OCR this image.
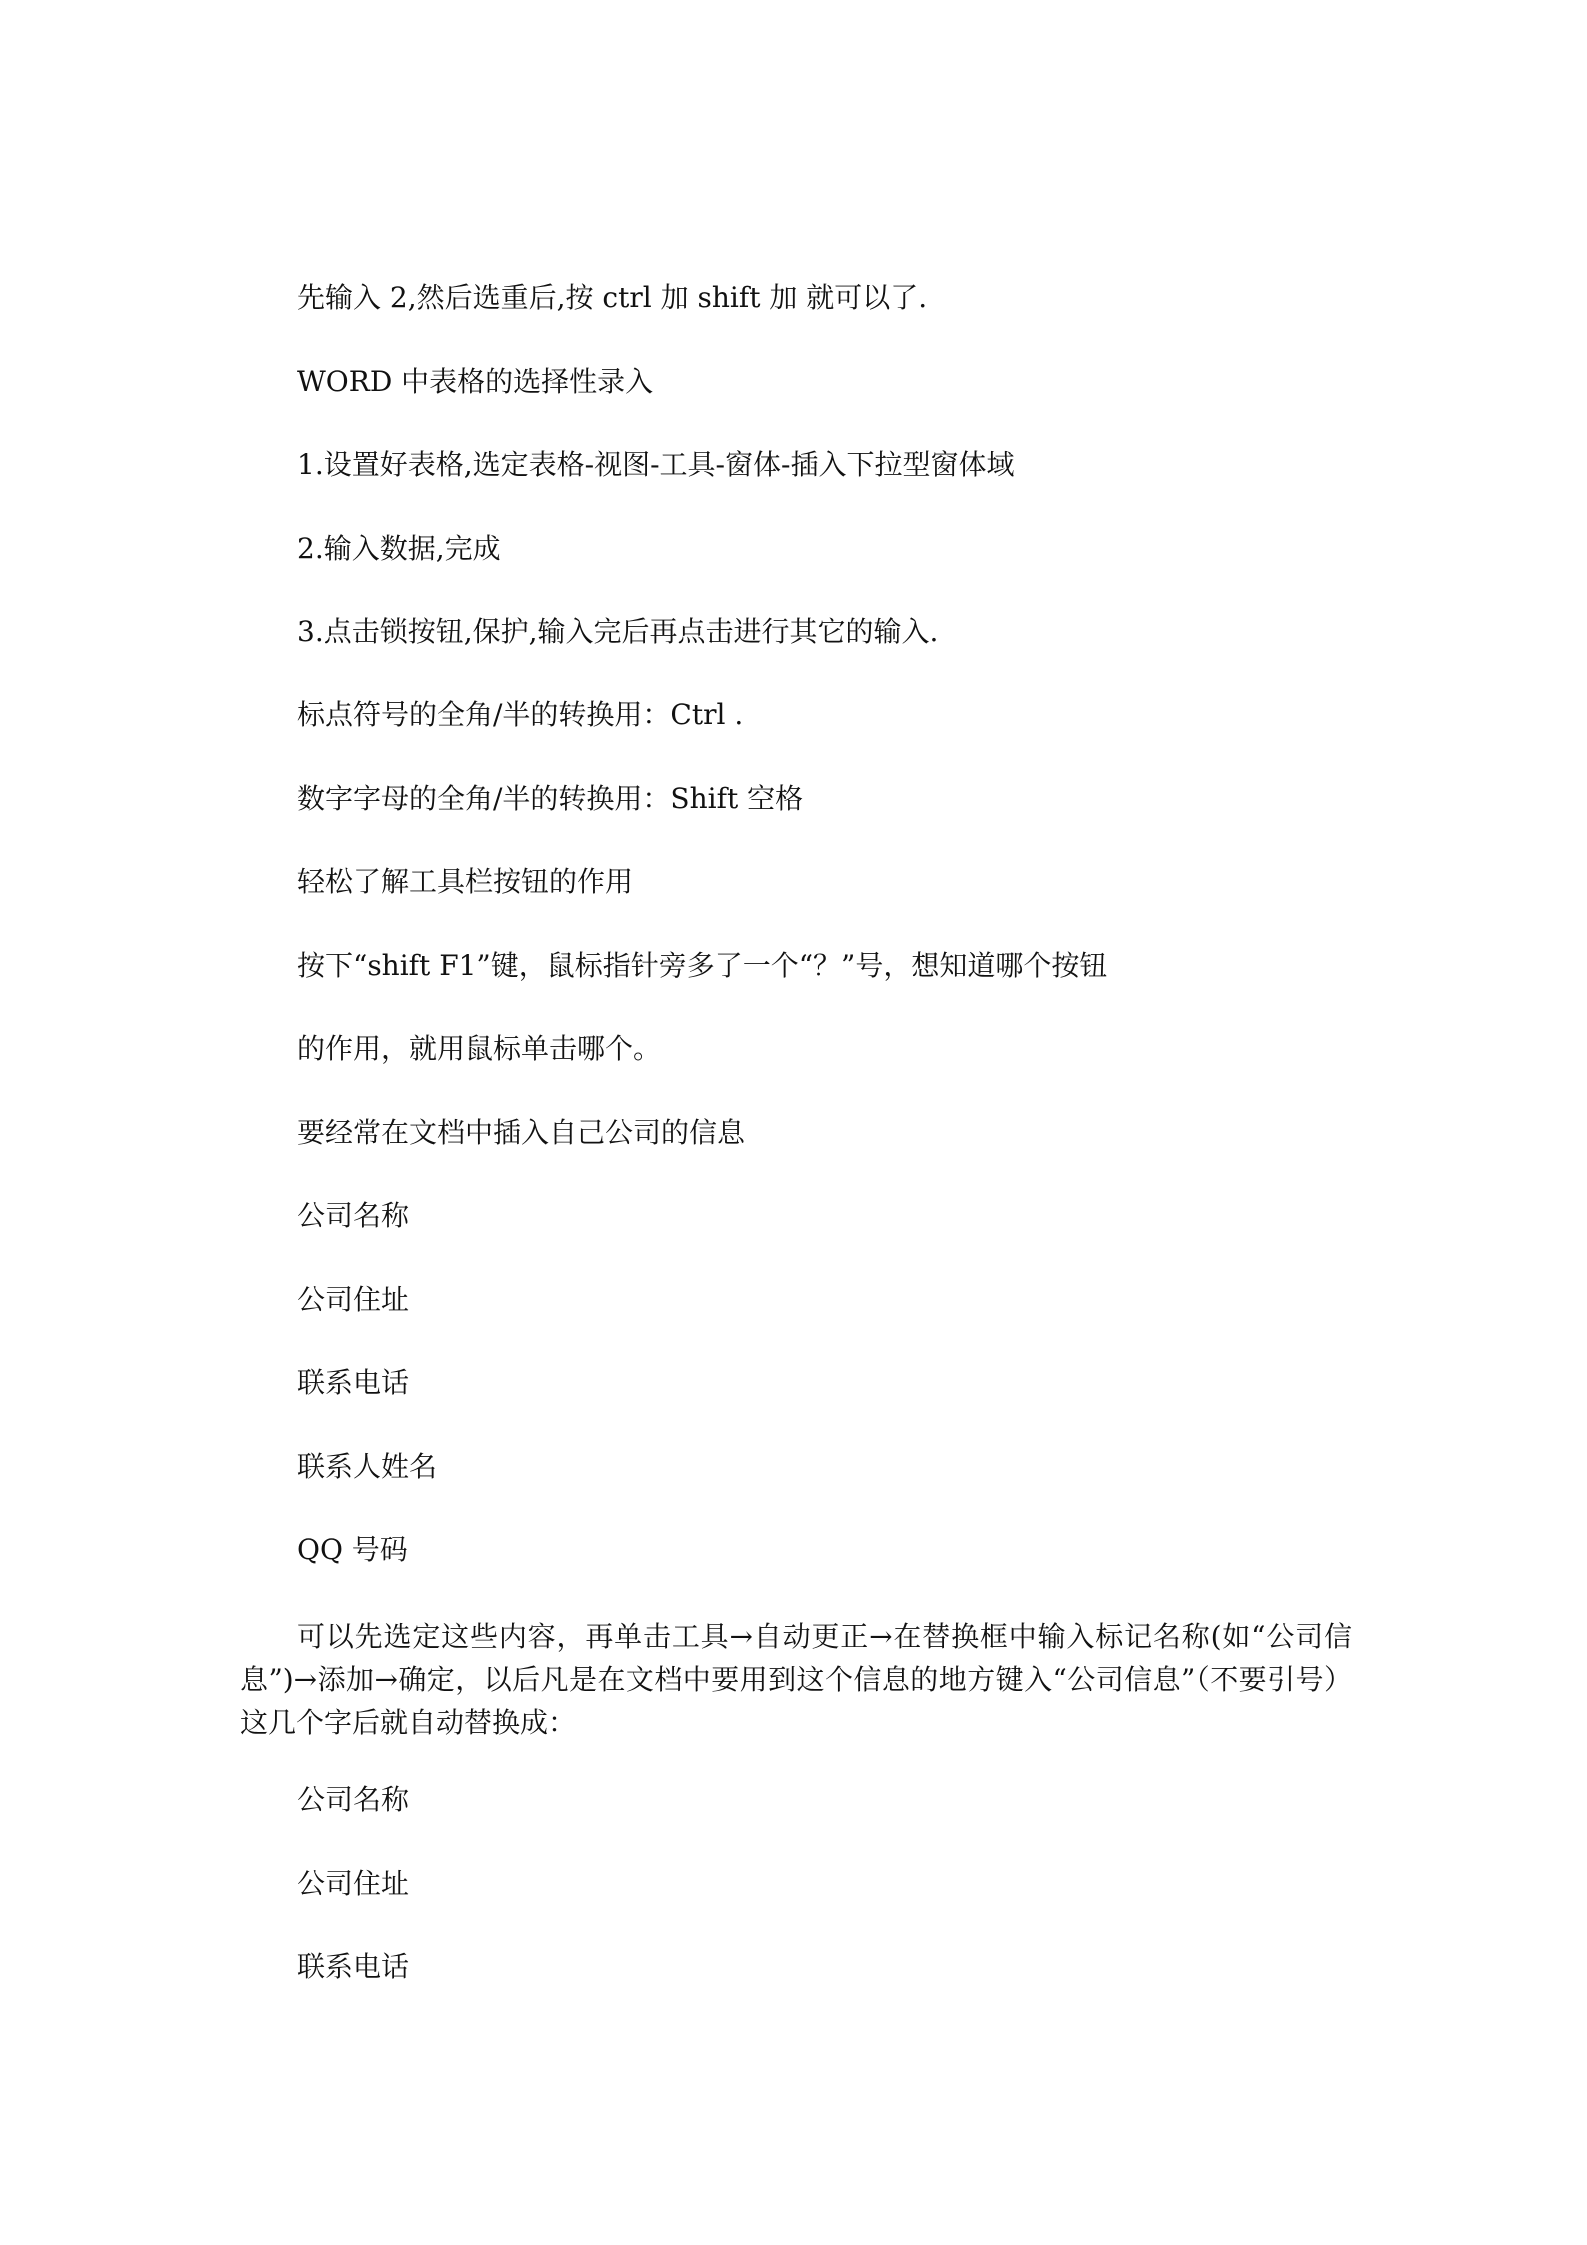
先输入 2,然后选重后,按 ctrl 加 shift 加 就可以了.
WORD 中表格的选择性录入
1.设置好表格,选定表格-视图-工具-窗体-插入下拉型窗体域
2.输入数据,完成
3.点击锁按钮,保护,输入完后再点击进行其它的输入.
标点符号的全角/半的转换用：Ctrl .
数字字母的全角/半的转换用：Shift 空格
轻松了解工具栏按钮的作用
按下“shift F1”键，鼠标指针旁多了一个“？”号，想知道哪个按钮
的作用，就用鼠标单击哪个。
要经常在文档中插入自己公司的信息
公司名称
公司住址
联系电话
联系人姓名
QQ 号码
可以先选定这些内容，再单击工具→自动更正→在替换框中输入标记名称(如“公司信息”)→添加→确定，以后凡是在文档中要用到这个信息的地方键入“公司信息”（不要引号）这几个字后就自动替换成：
公司名称
公司住址
联系电话
